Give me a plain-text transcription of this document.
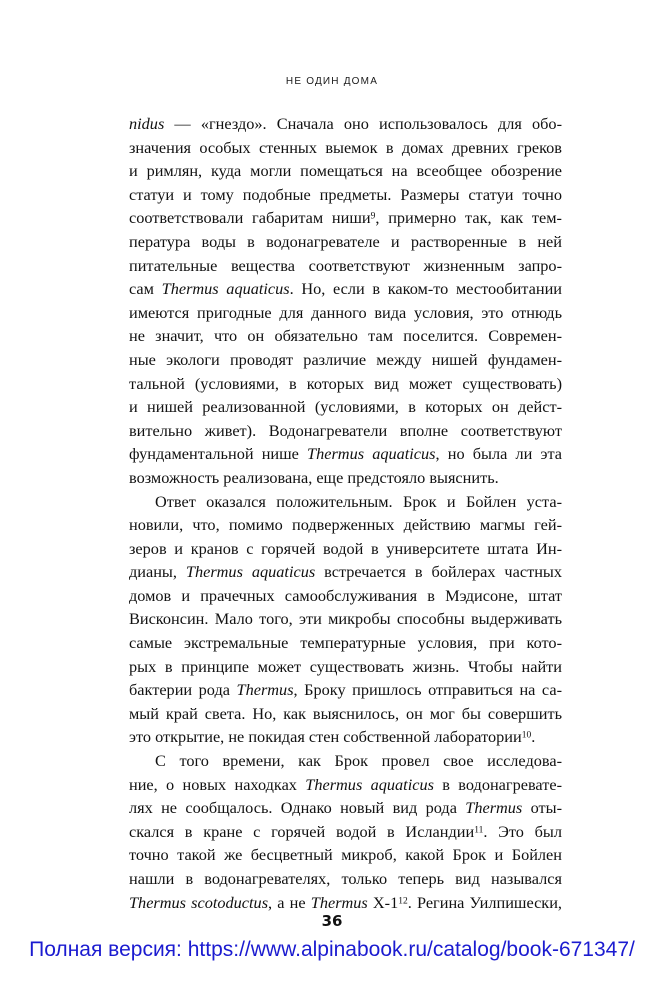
НЕ ОДИН ДОМА
nidus — «гнездо». Сначала оно использовалось для обо-
значения особых стенных выемок в домах древних греков
и римлян, куда могли помещаться на всеобщее обозрение
статуи и тому подобные предметы. Размеры статуи точно
соответствовали габаритам ниши$^9$, примерно так, как тем-
пература воды в водонагревателе и растворенные в ней
питательные вещества соответствуют жизненным запро-
сам Thermus aquaticus. Но, если в каком-то местообитании
имеются пригодные для данного вида условия, это отнюдь
не значит, что он обязательно там поселится. Современ-
ные экологи проводят различие между нишей фундамен-
тальной (условиями, в которых вид может существовать)
и нишей реализованной (условиями, в которых он дейст-
вительно живет). Водонагреватели вполне соответствуют
фундаментальной нише Thermus aquaticus, но была ли эта
возможность реализована, еще предстояло выяснить.
Ответ оказался положительным. Брок и Бойлен уста-
новили, что, помимо подверженных действию магмы гей-
зеров и кранов с горячей водой в университете штата Ин-
дианы, Thermus aquaticus встречается в бойлерах частных
домов и прачечных самообслуживания в Мэдисоне, штат
Висконсин. Мало того, эти микробы способны выдерживать
самые экстремальные температурные условия, при кото-
рых в принципе может существовать жизнь. Чтобы найти
бактерии рода Thermus, Броку пришлось отправиться на са-
мый край света. Но, как выяснилось, он мог бы совершить
это открытие, не покидая стен собственной лаборатории$^{10}$.
С того времени, как Брок провел свое исследова-
ние, о новых находках Thermus aquaticus в водонагревате-
лях не сообщалось. Однако новый вид рода Thermus оты-
скался в кране с горячей водой в Исландии$^{11}$. Это был
точно такой же бесцветный микроб, какой Брок и Бойлен
нашли в водонагревателях, только теперь вид назывался
Thermus scotoductus, а не Thermus X-1$^{12}$. Регина Уилпишески,
36
Полная версия: https://www.alpinabook.ru/catalog/book-671347/
